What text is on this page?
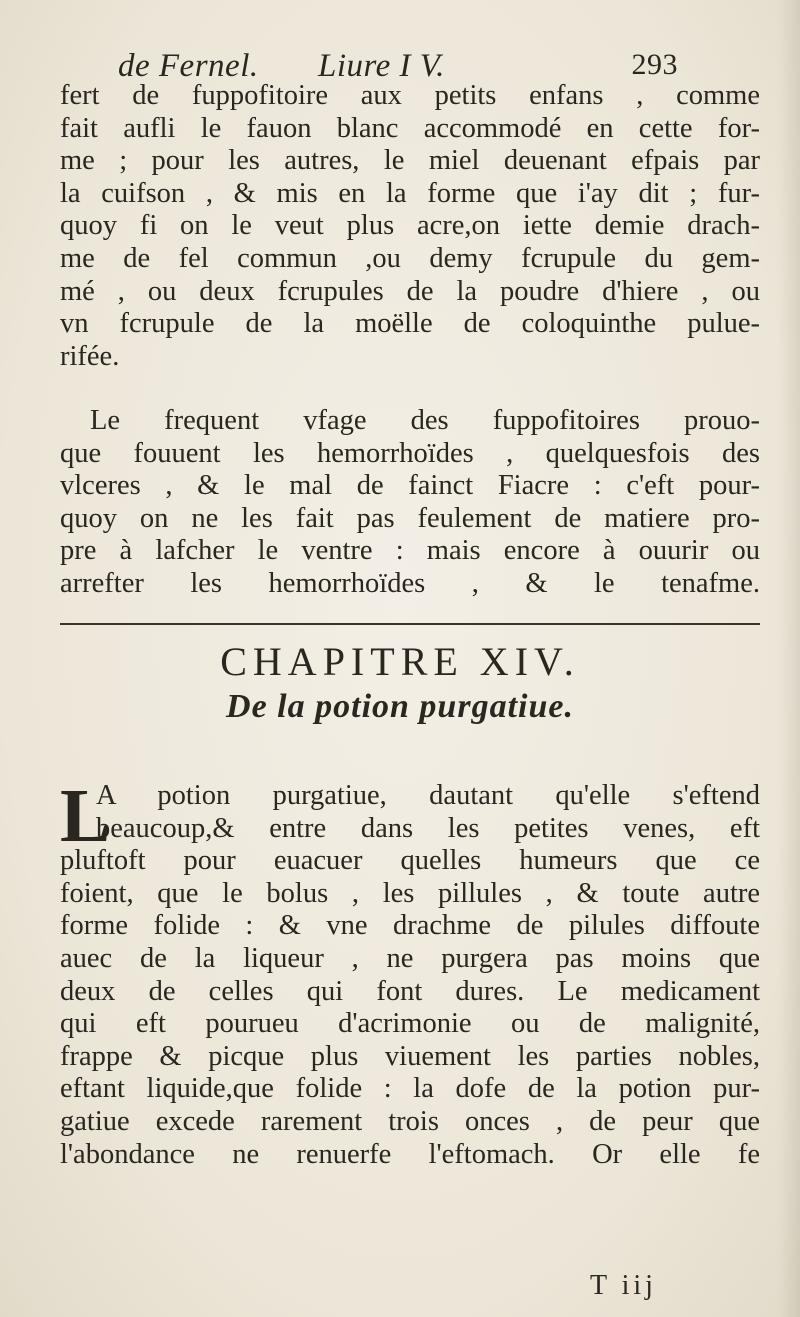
de Fernel. Liure I V.	293
fert de fuppofitoire aux petits enfans , comme
fait aufli le fauon blanc accommodé en cette for-
me ; pour les autres, le miel deuenant efpais par
la cuifson , & mis en la forme que i'ay dit ; fur-
quoy fi on le veut plus acre,on iette demie drach-
me de fel commun ,ou demy fcrupule du gem-
mé , ou deux fcrupules de la poudre d'hiere , ou
vn fcrupule de la moëlle de coloquinthe pulue-
rifée.
Le frequent vfage des fuppofitoires prouo-
que fouuent les hemorrhoïdes , quelquesfois des
vlceres , & le mal de fainct Fiacre : c'eft pour-
quoy on ne les fait pas feulement de matiere pro-
pre à lafcher le ventre : mais encore à ouurir ou
arrefter les hemorrhoïdes , & le tenafme.
CHAPITRE XIV.
De la potion purgatiue.
L
A potion purgatiue, dautant qu'elle s'eftend
beaucoup,& entre dans les petites venes, eft
pluftoft pour euacuer quelles humeurs que ce
foient, que le bolus , les pillules , & toute autre
forme folide : & vne drachme de pilules diffoute
auec de la liqueur , ne purgera pas moins que
deux de celles qui font dures. Le medicament
qui eft pourueu d'acrimonie ou de malignité,
frappe & picque plus viuement les parties nobles,
eftant liquide,que folide : la dofe de la potion pur-
gatiue excede rarement trois onces , de peur que
l'abondance ne renuerfe l'eftomach. Or elle fe
T iij
